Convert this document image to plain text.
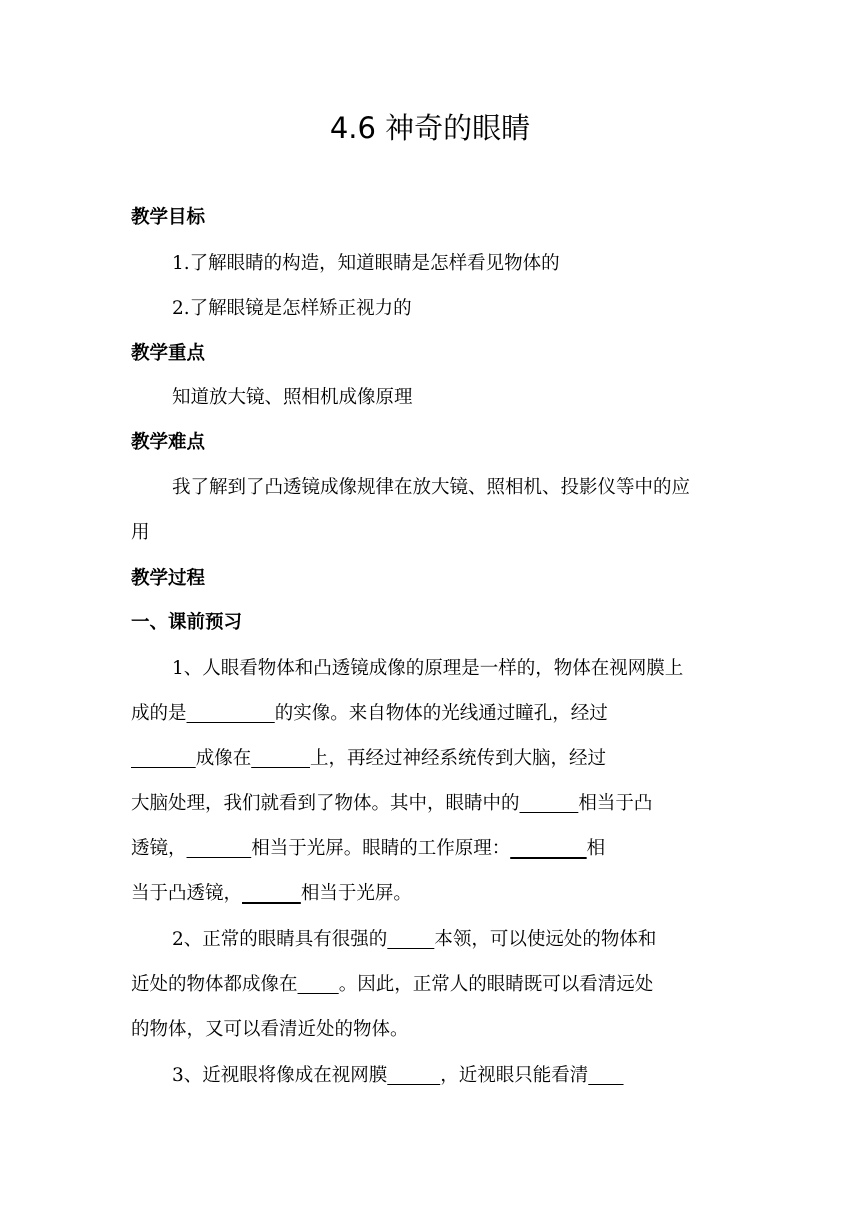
4.6 神奇的眼睛
教学目标
1.了解眼睛的构造，知道眼睛是怎样看见物体的
2.了解眼镜是怎样矫正视力的
教学重点
知道放大镜、照相机成像原理
教学难点
我了解到了凸透镜成像规律在放大镜、照相机、投影仪等中的应
用
教学过程
一、课前预习
1、人眼看物体和凸透镜成像的原理是一样的，物体在视网膜上
成的是	的实像。来自物体的光线通过瞳孔，经过
成像在	上，再经过神经系统传到大脑，经过
大脑处理，我们就看到了物体。其中，眼睛中的	相当于凸
透镜，	相当于光屏。眼睛的工作原理：	相
当于凸透镜，	相当于光屏。
2、正常的眼睛具有很强的	本领，可以使远处的物体和
近处的物体都成像在 。因此，正常人的眼睛既可以看清远处
的物体，又可以看清近处的物体。
3、近视眼将像成在视网膜	，近视眼只能看清
